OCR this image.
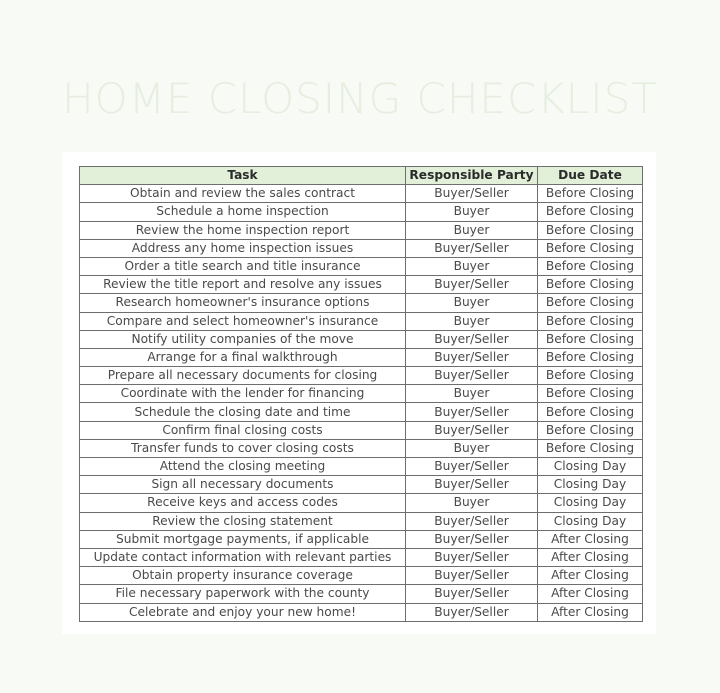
HOME CLOSING CHECKLIST
Task	Responsible Party	Due Date
Obtain and review the sales contract	Buyer/Seller	Before Closing
Schedule a home inspection	Buyer	Before Closing
Review the home inspection report	Buyer	Before Closing
Address any home inspection issues	Buyer/Seller	Before Closing
Order a title search and title insurance	Buyer	Before Closing
Review the title report and resolve any issues	Buyer/Seller	Before Closing
Research homeowner's insurance options	Buyer	Before Closing
Compare and select homeowner's insurance	Buyer	Before Closing
Notify utility companies of the move	Buyer/Seller	Before Closing
Arrange for a final walkthrough	Buyer/Seller	Before Closing
Prepare all necessary documents for closing	Buyer/Seller	Before Closing
Coordinate with the lender for financing	Buyer	Before Closing
Schedule the closing date and time	Buyer/Seller	Before Closing
Confirm final closing costs	Buyer/Seller	Before Closing
Transfer funds to cover closing costs	Buyer	Before Closing
Attend the closing meeting	Buyer/Seller	Closing Day
Sign all necessary documents	Buyer/Seller	Closing Day
Receive keys and access codes	Buyer	Closing Day
Review the closing statement	Buyer/Seller	Closing Day
Submit mortgage payments, if applicable	Buyer/Seller	After Closing
Update contact information with relevant parties	Buyer/Seller	After Closing
Obtain property insurance coverage	Buyer/Seller	After Closing
File necessary paperwork with the county	Buyer/Seller	After Closing
Celebrate and enjoy your new home!	Buyer/Seller	After Closing
